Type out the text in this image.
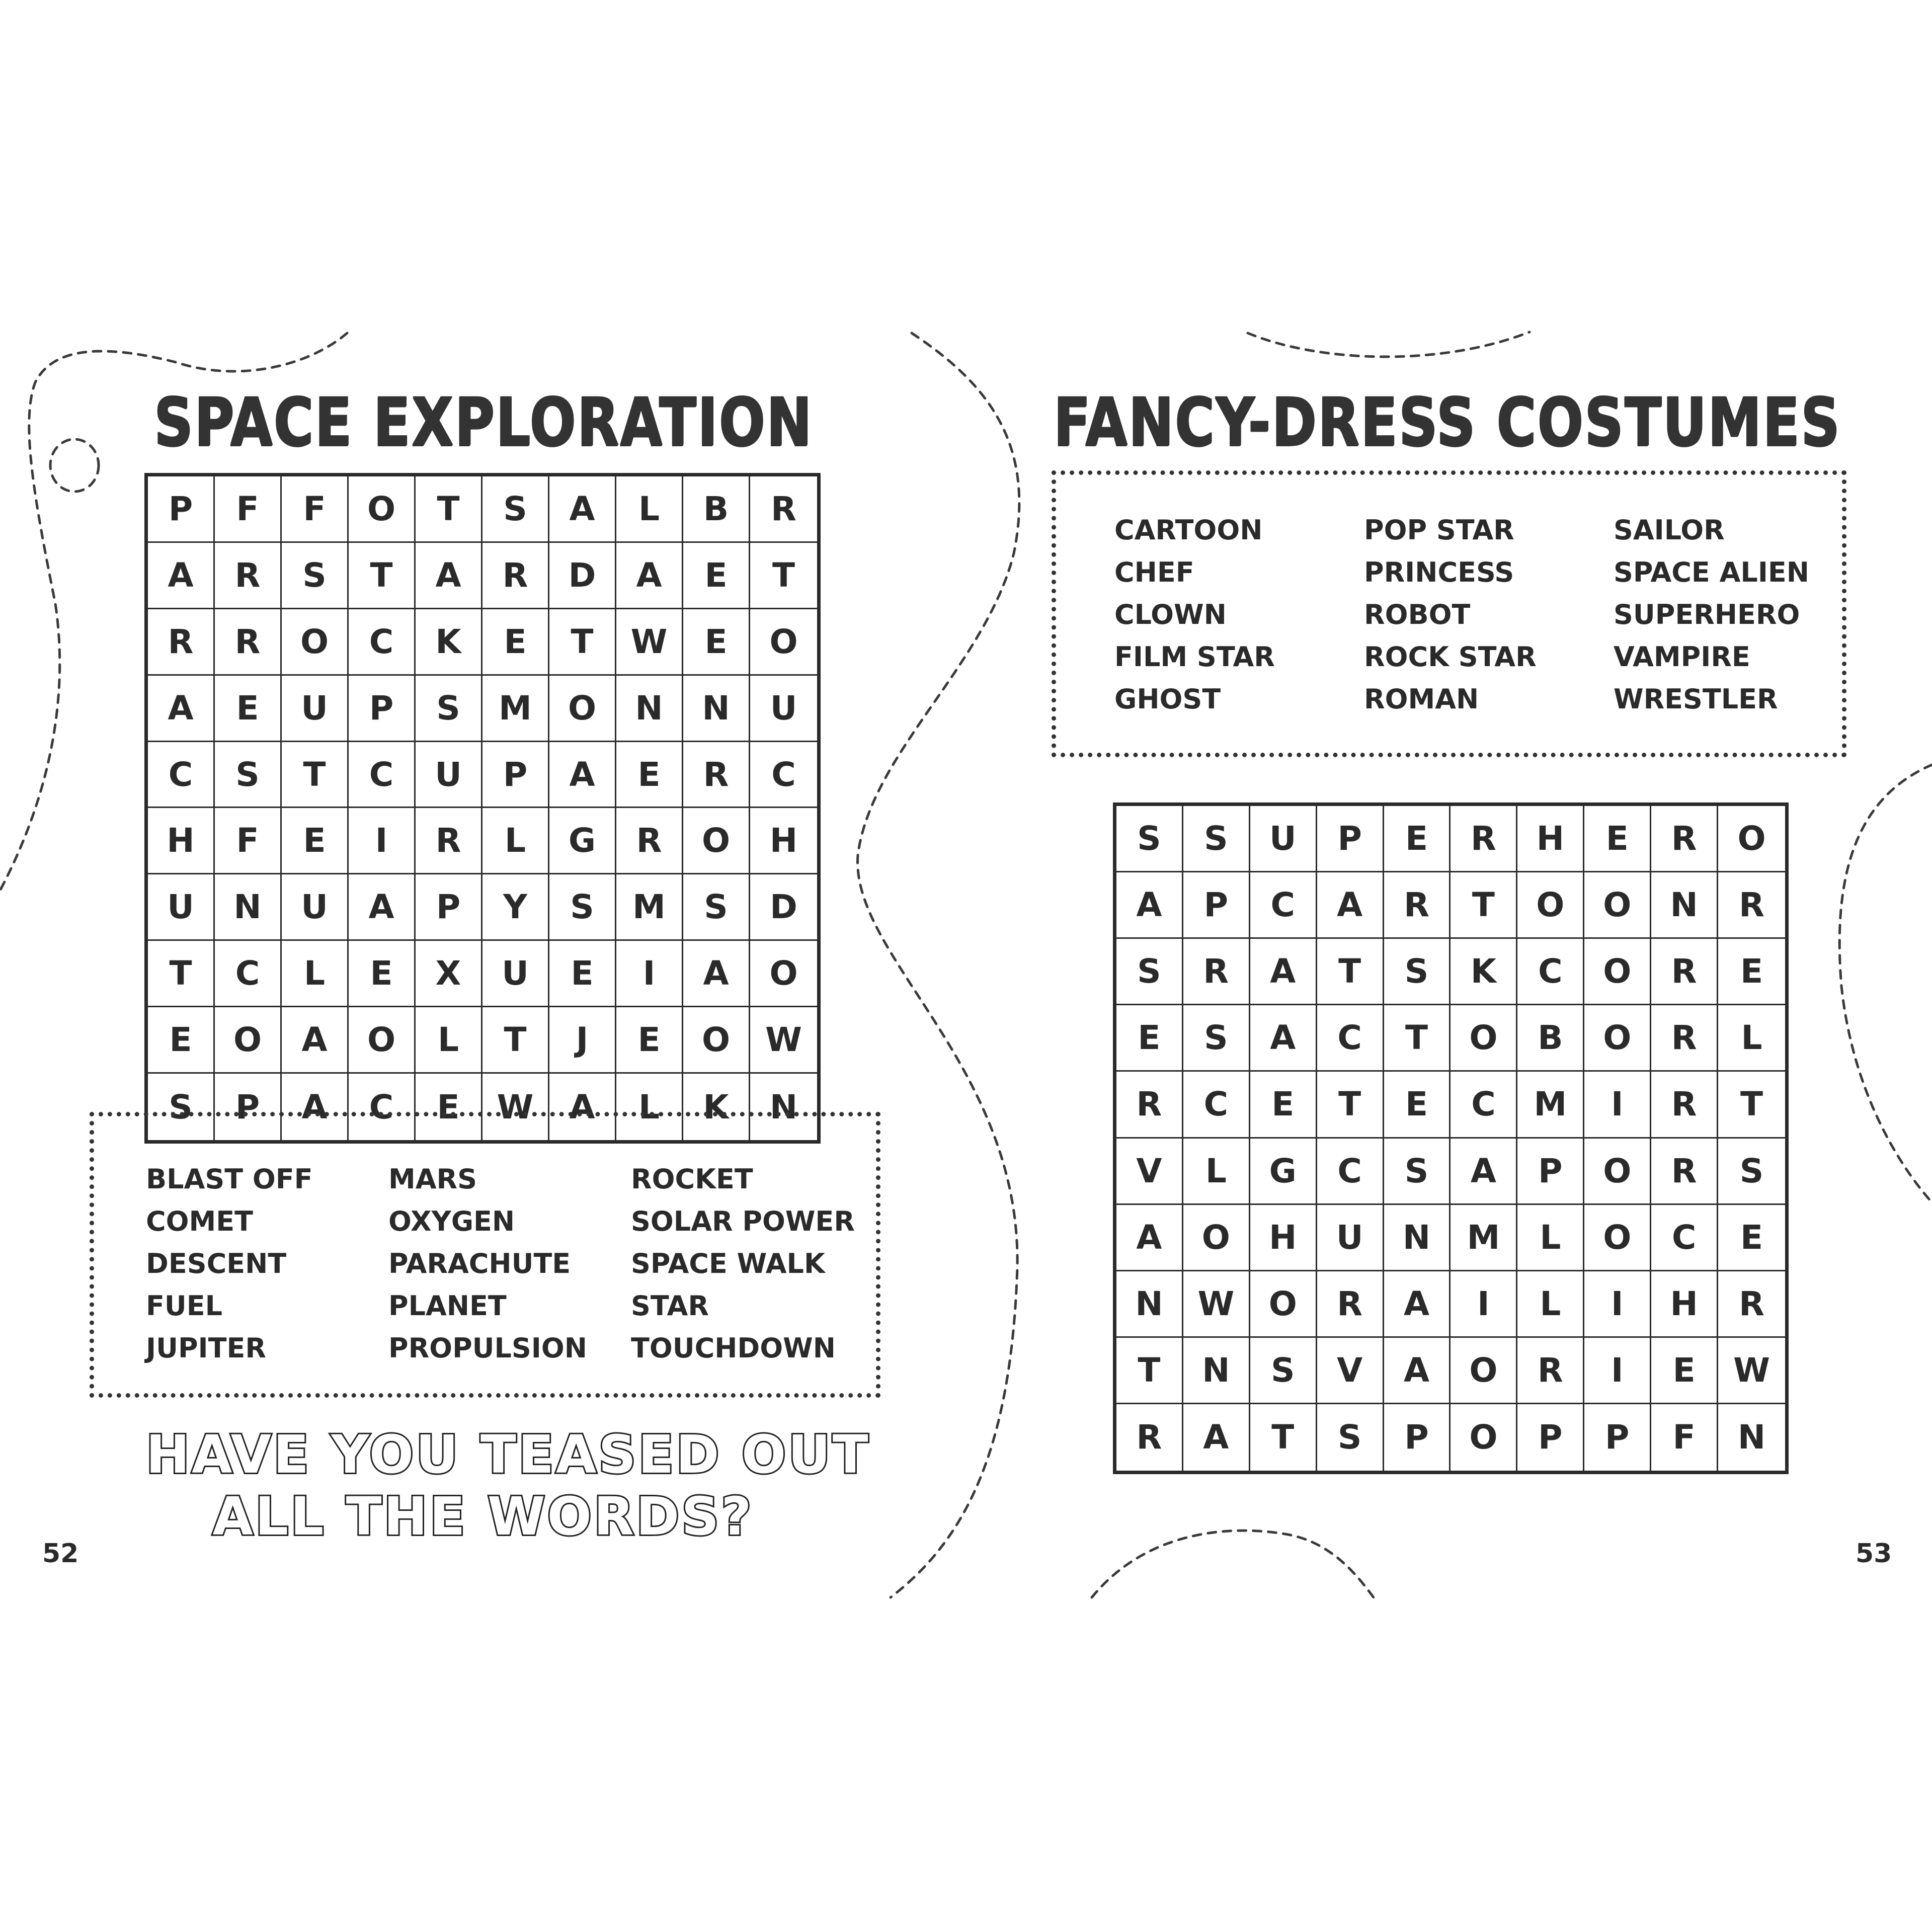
SPACE EXPLORATION
P	F	F	O	T	S	A	L	B	R
A	R	S	T	A	R	D	A	E	T
R	R	O	C	K	E	T	W	E	O
A	E	U	P	S	M	O	N	N	U
C	S	T	C	U	P	A	E	R	C
H	F	E	I	R	L	G	R	O	H
U	N	U	A	P	Y	S	M	S	D
T	C	L	E	X	U	E	I	A	O
E	O	A	O	L	T	J	E	O	W
S	P	A	C	E	W	A	L	K	N
BLAST OFF
COMET
DESCENT
FUEL
JUPITER
MARS
OXYGEN
PARACHUTE
PLANET
PROPULSION
ROCKET
SOLAR POWER
SPACE WALK
STAR
TOUCHDOWN
HAVE YOU TEASED OUT
ALL THE WORDS?
52
FANCY-DRESS COSTUMES
CARTOON
CHEF
CLOWN
FILM STAR
GHOST
POP STAR
PRINCESS
ROBOT
ROCK STAR
ROMAN
SAILOR
SPACE ALIEN
SUPERHERO
VAMPIRE
WRESTLER
S	S	U	P	E	R	H	E	R	O
A	P	C	A	R	T	O	O	N	R
S	R	A	T	S	K	C	O	R	E
E	S	A	C	T	O	B	O	R	L
R	C	E	T	E	C	M	I	R	T
V	L	G	C	S	A	P	O	R	S
A	O	H	U	N	M	L	O	C	E
N	W	O	R	A	I	L	I	H	R
T	N	S	V	A	O	R	I	E	W
R	A	T	S	P	O	P	P	F	N
53
